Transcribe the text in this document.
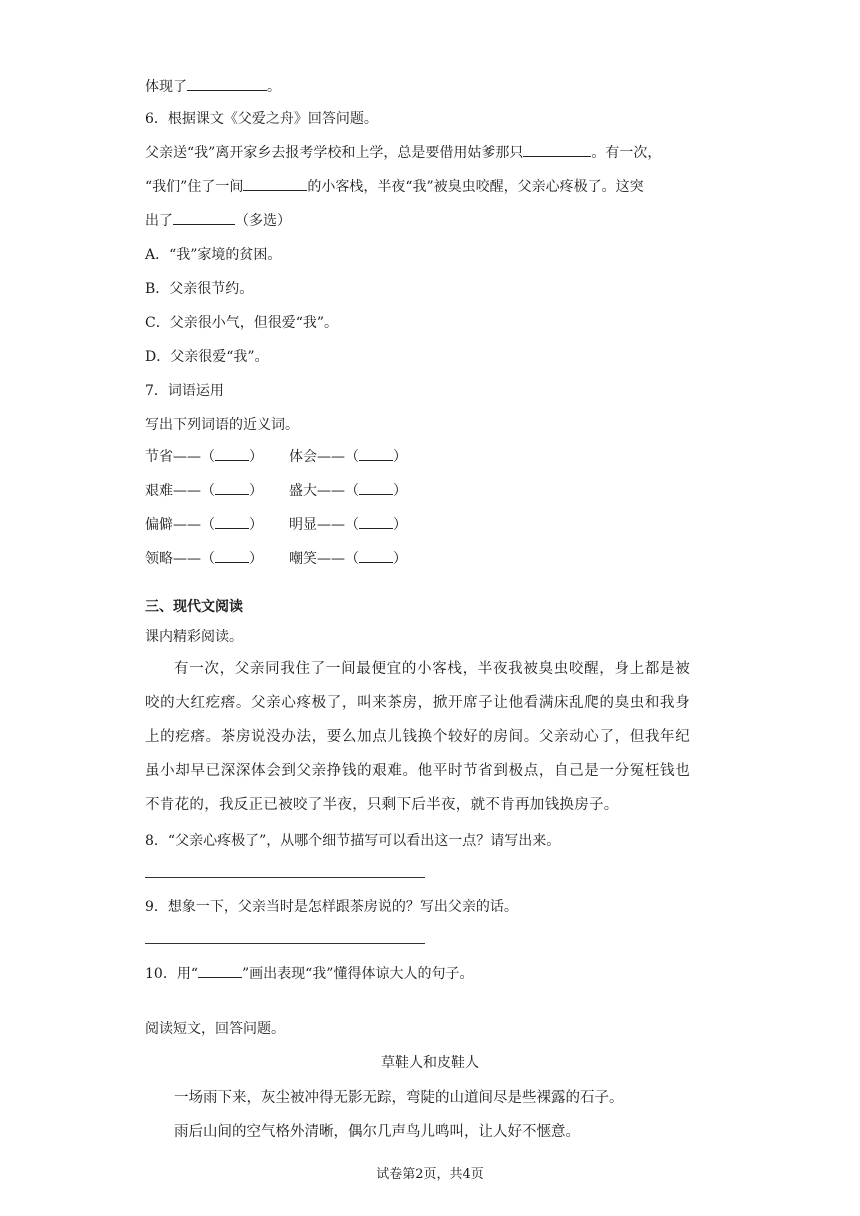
体现了	。
6．根据课文《父爱之舟》回答问题。
父亲送“我”离开家乡去报考学校和上学，总是要借用姑爹那只	。有一次，
“我们”住了一间	的小客栈，半夜“我”被臭虫咬醒，父亲心疼极了。这突
出了	（多选）
A．“我”家境的贫困。
B．父亲很节约。
C．父亲很小气，但很爱“我”。
D．父亲很爱“我”。
7．词语运用
写出下列词语的近义词。
节省——（ ） 体会——（ ）
艰难——（ ） 盛大——（ ）
偏僻——（ ） 明显——（ ）
领略——（ ） 嘲笑——（ ）
三、现代文阅读
课内精彩阅读。

有一次，父亲同我住了一间最便宜的小客栈，半夜我被臭虫咬醒，身上都是被咬的大红疙瘩。父亲心疼极了，叫来茶房，掀开席子让他看满床乱爬的臭虫和我身上的疙瘩。茶房说没办法，要么加点儿钱换个较好的房间。父亲动心了，但我年纪虽小却早已深深体会到父亲挣钱的艰难。他平时节省到极点，自己是一分冤枉钱也不肯花的，我反正已被咬了半夜，只剩下后半夜，就不肯再加钱换房子。

8．“父亲心疼极了”，从哪个细节描写可以看出这一点？请写出来。
9．想象一下，父亲当时是怎样跟茶房说的？写出父亲的话。
10．用“	”画出表现“我”懂得体谅大人的句子。
阅读短文，回答问题。
草鞋人和皮鞋人
一场雨下来，灰尘被冲得无影无踪，弯陡的山道间尽是些裸露的石子。
雨后山间的空气格外清晰，偶尔几声鸟儿鸣叫，让人好不惬意。
试卷第2页，共4页
